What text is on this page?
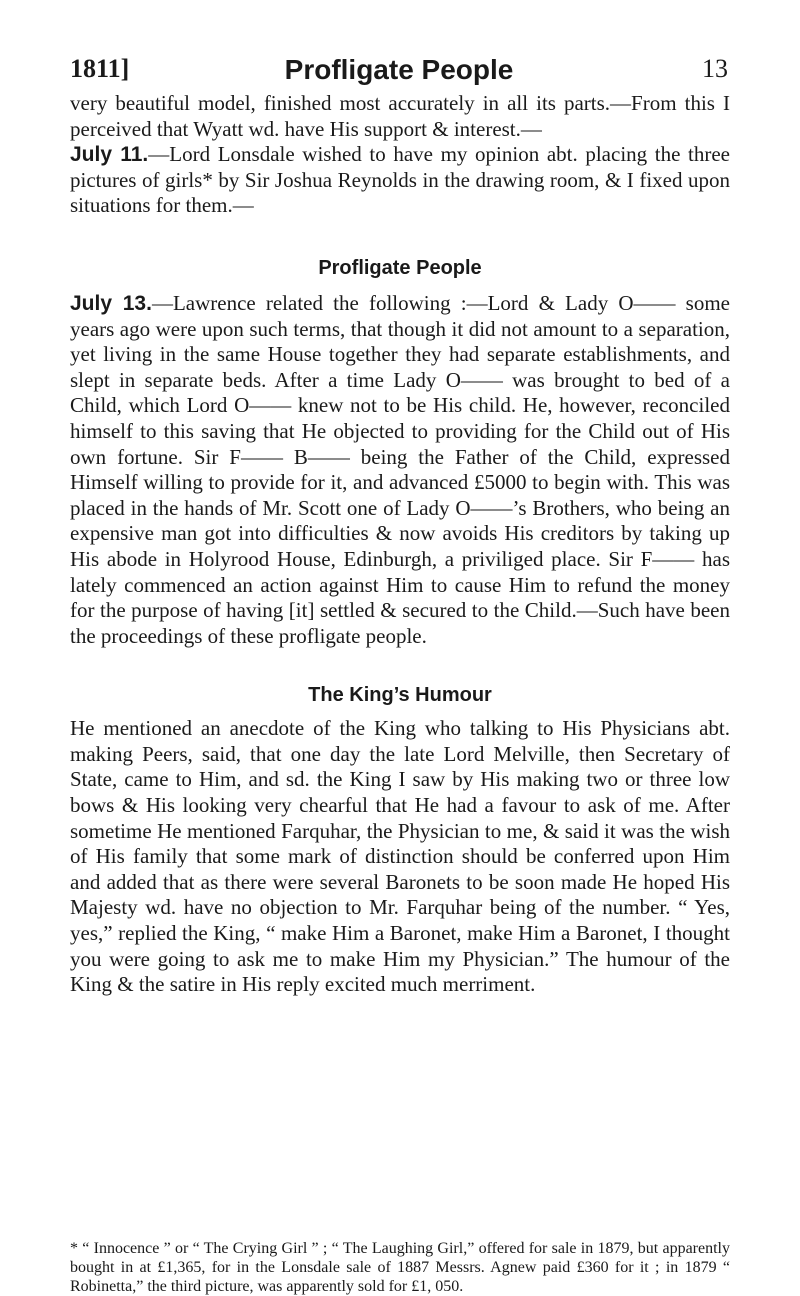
1811]	Profligate People	13

very beautiful model, finished most accurately in all its parts.—From this I perceived that Wyatt wd. have His support & interest.—

July 11.—Lord Lonsdale wished to have my opinion abt. placing the three pictures of girls* by Sir Joshua Reynolds in the drawing room, & I fixed upon situations for them.—

Profligate People

July 13.—Lawrence related the following :—Lord & Lady O—— some years ago were upon such terms, that though it did not amount to a separation, yet living in the same House together they had separate establishments, and slept in separate beds. After a time Lady O—— was brought to bed of a Child, which Lord O—— knew not to be His child. He, however, reconciled himself to this saving that He objected to providing for the Child out of His own fortune. Sir F—— B—— being the Father of the Child, expressed Himself willing to provide for it, and advanced £5000 to begin with. This was placed in the hands of Mr. Scott one of Lady O——’s Brothers, who being an expensive man got into difficulties & now avoids His creditors by taking up His abode in Holyrood House, Edinburgh, a priviliged place. Sir F—— has lately commenced an action against Him to cause Him to refund the money for the purpose of having [it] settled & secured to the Child.—Such have been the proceedings of these profligate people.

The King’s Humour

He mentioned an anecdote of the King who talking to His Physicians abt. making Peers, said, that one day the late Lord Melville, then Secretary of State, came to Him, and sd. the King I saw by His making two or three low bows & His looking very chearful that He had a favour to ask of me. After sometime He mentioned Farquhar, the Physician to me, & said it was the wish of His family that some mark of distinction should be conferred upon Him and added that as there were several Baronets to be soon made He hoped His Majesty wd. have no objection to Mr. Farquhar being of the number. “ Yes, yes,” replied the King, “ make Him a Baronet, make Him a Baronet, I thought you were going to ask me to make Him my Physician.” The humour of the King & the satire in His reply excited much merriment.

* “ Innocence ” or “ The Crying Girl ” ; “ The Laughing Girl,” offered for sale in 1879, but apparently bought in at £1,365, for in the Lonsdale sale of 1887 Messrs. Agnew paid £360 for it ; in 1879 “ Robinetta,” the third picture, was apparently sold for £1, 050.
